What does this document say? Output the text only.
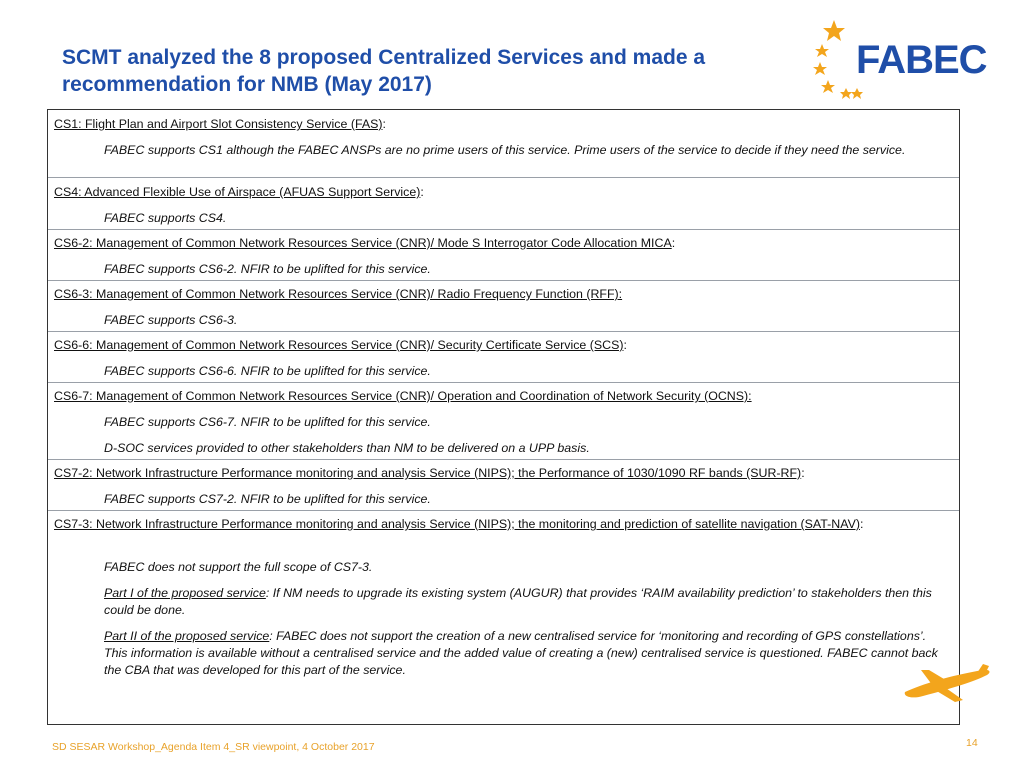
SCMT analyzed the 8 proposed Centralized Services and made a recommendation for NMB (May 2017)
FABEC
CS1: Flight Plan and Airport Slot Consistency Service (FAS):
FABEC supports CS1 although the FABEC ANSPs are no prime users of this service. Prime users of the service to decide if they need the service.
CS4: Advanced Flexible Use of Airspace (AFUAS Support Service):
FABEC supports CS4.
CS6-2: Management of Common Network Resources Service (CNR)/ Mode S Interrogator Code Allocation MICA:
FABEC supports CS6-2. NFIR to be uplifted for this service.
CS6-3: Management of Common Network Resources Service (CNR)/ Radio Frequency Function (RFF):
FABEC supports CS6-3.
CS6-6: Management of Common Network Resources Service (CNR)/ Security Certificate Service (SCS):
FABEC supports CS6-6. NFIR to be uplifted for this service.
CS6-7: Management of Common Network Resources Service (CNR)/ Operation and Coordination of Network Security (OCNS):
FABEC supports CS6-7. NFIR to be uplifted for this service.
D-SOC services provided to other stakeholders than NM to be delivered on a UPP basis.
CS7-2: Network Infrastructure Performance monitoring and analysis Service (NIPS); the Performance of 1030/1090 RF bands (SUR-RF):
FABEC supports CS7-2. NFIR to be uplifted for this service.
CS7-3: Network Infrastructure Performance monitoring and analysis Service (NIPS); the monitoring and prediction of satellite navigation (SAT-NAV):
FABEC does not support the full scope of CS7-3.
Part I of the proposed service: If NM needs to upgrade its existing system (AUGUR) that provides ‘RAIM availability prediction’ to stakeholders then this could be done.
Part II of the proposed service: FABEC does not support the creation of a new centralised service for ‘monitoring and recording of GPS constellations’. This information is available without a centralised service and the added value of creating a (new) centralised service is questioned. FABEC cannot back the CBA that was developed for this part of the service.
SD SESAR Workshop_Agenda Item 4_SR viewpoint, 4 October 2017	14
